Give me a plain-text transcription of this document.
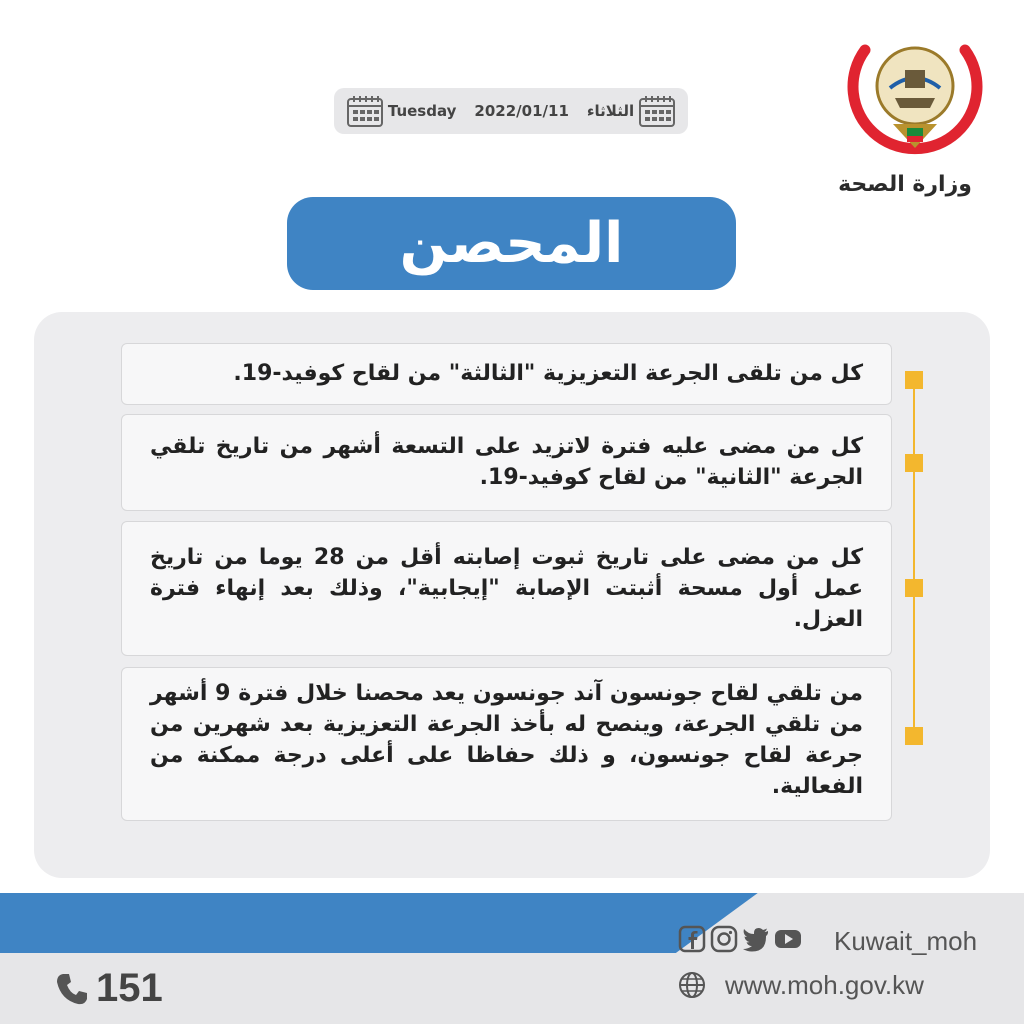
وزارة الصحة
Tuesday 2022/01/11 الثلاثاء
المحصن
كل من تلقى الجرعة التعزيزية "الثالثة" من لقاح كوفيد-19.
كل من مضى عليه فترة لاتزيد على التسعة أشهر من تاريخ تلقي الجرعة "الثانية" من لقاح كوفيد-19.
كل من مضى على تاريخ ثبوت إصابته أقل من 28 يوما من تاريخ عمل أول مسحة أثبتت الإصابة "إيجابية"، وذلك بعد إنهاء فترة العزل.
من تلقي لقاح جونسون آند جونسون يعد محصنا خلال فترة 9 أشهر من تلقي الجرعة، وينصح له بأخذ الجرعة التعزيزية بعد شهرين من جرعة لقاح جونسون، و ذلك حفاظا على أعلى درجة ممكنة من الفعالية.
151
Kuwait_moh
www.moh.gov.kw
